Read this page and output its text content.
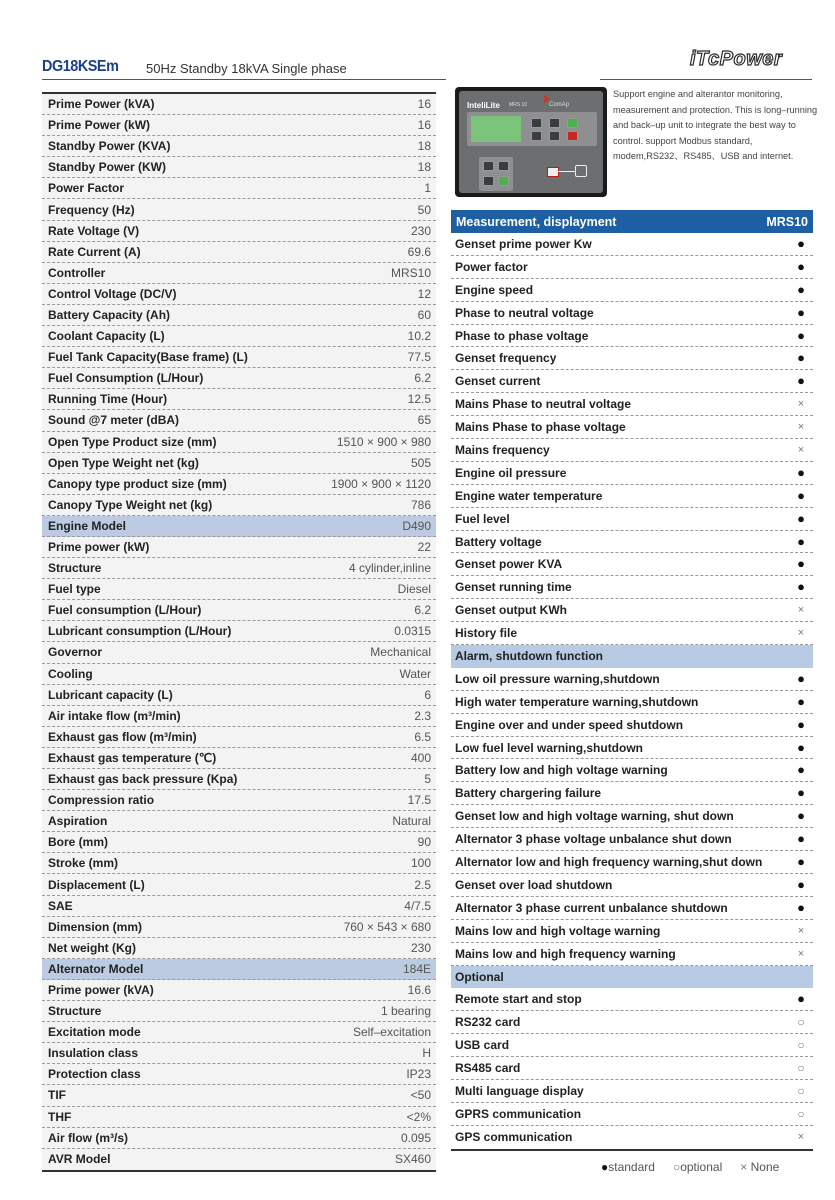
DG18KSEm 50Hz Standby 18kVA Single phase	iTcPower
Prime Power (kVA)	16
Prime Power (kW)	16
Standby Power (KVA)	18
Standby Power (KW)	18
Power Factor	1
Frequency (Hz)	50
Rate Voltage (V)	230
Rate Current (A)	69.6
Controller	MRS10
Control Voltage (DC/V)	12
Battery Capacity (Ah)	60
Coolant Capacity (L)	10.2
Fuel Tank Capacity(Base frame) (L)	77.5
Fuel Consumption (L/Hour)	6.2
Running Time (Hour)	12.5
Sound @7 meter (dBA)	65
Open Type Product size (mm)	1510 × 900 × 980
Open Type Weight net (kg)	505
Canopy type product size (mm)	1900 × 900 × 1120
Canopy Type Weight net (kg)	786
Engine Model	D490
Prime power (kW)	22
Structure	4 cylinder,inline
Fuel type	Diesel
Fuel consumption (L/Hour)	6.2
Lubricant consumption (L/Hour)	0.0315
Governor	Mechanical
Cooling	Water
Lubricant capacity (L)	6
Air intake flow (m³/min)	2.3
Exhaust gas flow (m³/min)	6.5
Exhaust gas temperature (℃)	400
Exhaust gas back pressure (Kpa)	5
Compression ratio	17.5
Aspiration	Natural
Bore (mm)	90
Stroke (mm)	100
Displacement (L)	2.5
SAE	4/7.5
Dimension (mm)	760 × 543 × 680
Net weight (Kg)	230
Alternator Model	184E
Prime power (kVA)	16.6
Structure	1 bearing
Excitation mode	Self–excitation
Insulation class	H
Protection class	IP23
TIF	<50
THF	<2%
Air flow (m³/s)	0.095
AVR Model	SX460
InteliLite MRS 10	ComAp
Support engine and alterantor monitoring, measurement and protection. This is long–running and back–up unit to integrate the best way to control. support Modbus standard, modem,RS232、RS485、USB and internet.
Measurement, displayment	MRS10
Genset prime power Kw	●
Power factor	●
Engine speed	●
Phase to neutral voltage	●
Phase to phase voltage	●
Genset frequency	●
Genset current	●
Mains Phase to neutral voltage	×
Mains Phase to phase voltage	×
Mains frequency	×
Engine oil pressure	●
Engine water temperature	●
Fuel level	●
Battery voltage	●
Genset power KVA	●
Genset running time	●
Genset output KWh	×
History file	×
Alarm, shutdown function
Low oil pressure warning,shutdown	●
High water temperature warning,shutdown	●
Engine over and under speed shutdown	●
Low fuel level warning,shutdown	●
Battery low and high voltage warning	●
Battery chargering failure	●
Genset low and high voltage warning, shut down	●
Alternator 3 phase voltage unbalance shut down	●
Alternator low and high frequency warning,shut down	●
Genset over load shutdown	●
Alternator 3 phase current unbalance shutdown	●
Mains low and high voltage warning	×
Mains low and high frequency warning	×
Optional
Remote start and stop	●
RS232 card	○
USB card	○
RS485 card	○
Multi language display	○
GPRS communication	○
GPS communication	×
●standard ○optional × None
